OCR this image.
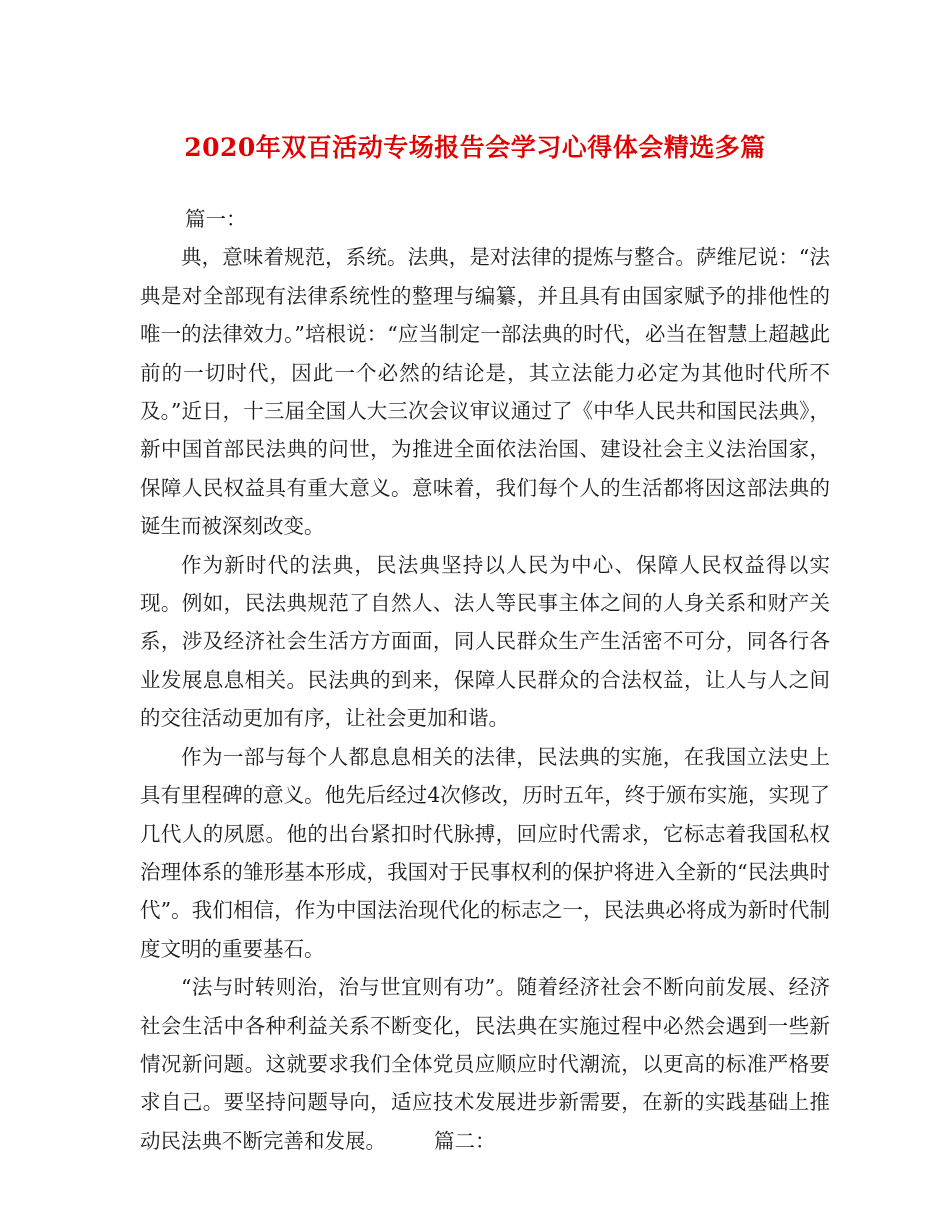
2020年双百活动专场报告会学习心得体会精选多篇

篇一：

典，意味着规范，系统。法典，是对法律的提炼与整合。萨维尼说：“法典是对全部现有法律系统性的整理与编纂，并且具有由国家赋予的排他性的唯一的法律效力。”培根说：“应当制定一部法典的时代，必当在智慧上超越此前的一切时代，因此一个必然的结论是，其立法能力必定为其他时代所不及。”近日，十三届全国人大三次会议审议通过了《中华人民共和国民法典》，新中国首部民法典的问世，为推进全面依法治国、建设社会主义法治国家，保障人民权益具有重大意义。意味着，我们每个人的生活都将因这部法典的诞生而被深刻改变。

作为新时代的法典，民法典坚持以人民为中心、保障人民权益得以实现。例如，民法典规范了自然人、法人等民事主体之间的人身关系和财产关系，涉及经济社会生活方方面面，同人民群众生产生活密不可分，同各行各业发展息息相关。民法典的到来，保障人民群众的合法权益，让人与人之间的交往活动更加有序，让社会更加和谐。

作为一部与每个人都息息相关的法律，民法典的实施，在我国立法史上具有里程碑的意义。他先后经过4次修改，历时五年，终于颁布实施，实现了几代人的夙愿。他的出台紧扣时代脉搏，回应时代需求，它标志着我国私权治理体系的雏形基本形成，我国对于民事权利的保护将进入全新的“民法典时代”。我们相信，作为中国法治现代化的标志之一，民法典必将成为新时代制度文明的重要基石。

“法与时转则治，治与世宜则有功”。随着经济社会不断向前发展、经济社会生活中各种利益关系不断变化，民法典在实施过程中必然会遇到一些新情况新问题。这就要求我们全体党员应顺应时代潮流，以更高的标准严格要求自己。要坚持问题导向，适应技术发展进步新需要，在新的实践基础上推动民法典不断完善和发展。 篇二：
